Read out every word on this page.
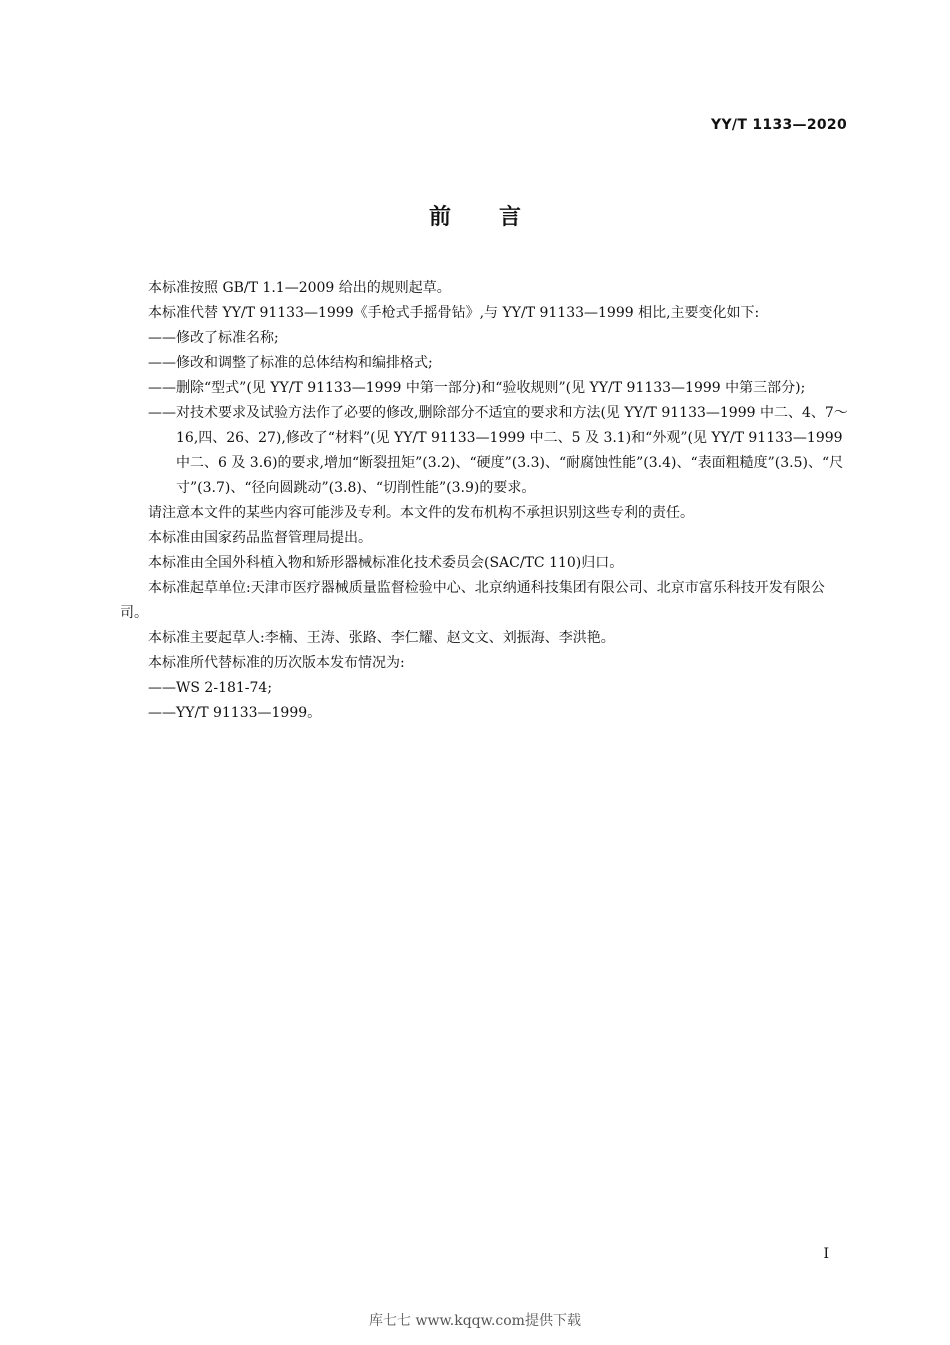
YY/T 1133—2020
前言

本标准按照 GB/T 1.1—2009 给出的规则起草。

本标准代替 YY/T 91133—1999《手枪式手摇骨钻》,与 YY/T 91133—1999 相比,主要变化如下:

——修改了标准名称;

——修改和调整了标准的总体结构和编排格式;

——删除“型式”(见 YY/T 91133—1999 中第一部分)和“验收规则”(见 YY/T 91133—1999 中第三部分);

——对技术要求及试验方法作了必要的修改,删除部分不适宜的要求和方法(见 YY/T 91133—1999 中二、4、7～16,四、26、27),修改了“材料”(见 YY/T 91133—1999 中二、5 及 3.1)和“外观”(见 YY/T 91133—1999 中二、6 及 3.6)的要求,增加“断裂扭矩”(3.2)、“硬度”(3.3)、“耐腐蚀性能”(3.4)、“表面粗糙度”(3.5)、“尺寸”(3.7)、“径向圆跳动”(3.8)、“切削性能”(3.9)的要求。

请注意本文件的某些内容可能涉及专利。本文件的发布机构不承担识别这些专利的责任。

本标准由国家药品监督管理局提出。

本标准由全国外科植入物和矫形器械标准化技术委员会(SAC/TC 110)归口。

本标准起草单位:天津市医疗器械质量监督检验中心、北京纳通科技集团有限公司、北京市富乐科技开发有限公司。

本标准主要起草人:李楠、王涛、张路、李仁耀、赵文文、刘振海、李洪艳。

本标准所代替标准的历次版本发布情况为:

——WS 2-181-74;

——YY/T 91133—1999。

I
库七七 www.kqqw.com提供下载
